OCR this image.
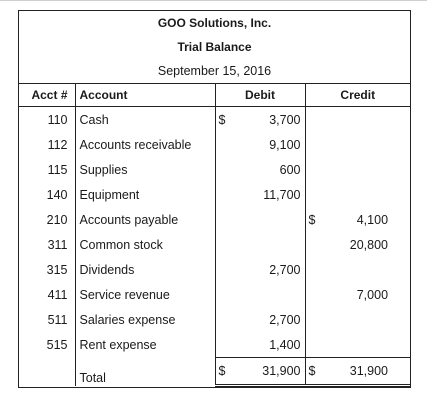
GOO Solutions, Inc.
Trial Balance
September 15, 2016
Acct #	Account	Debit		Credit	
110	Cash	$	3,700		
112	Accounts receivable		9,100		
115	Supplies		600		
140	Equipment		11,700		
210	Accounts payable			$	4,100
311	Common stock				20,800
315	Dividends		2,700		
411	Service revenue				7,000
511	Salaries expense		2,700		
515	Rent expense		1,400		
	Total	$	31,900	$	31,900
